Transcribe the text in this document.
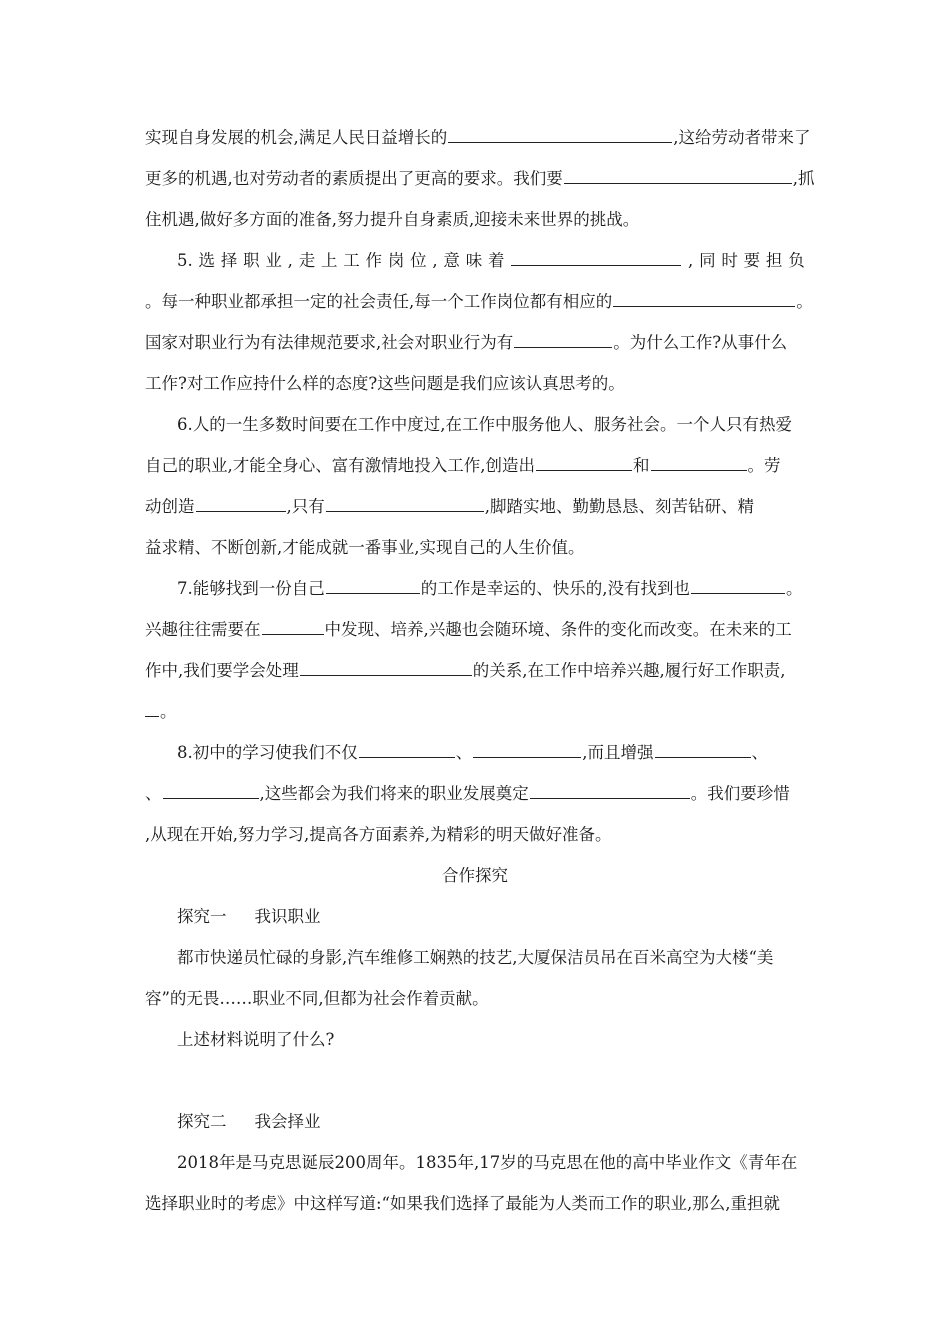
实现自身发展的机会,满足人民日益增长的	,这给劳动者带来了
更多的机遇,也对劳动者的素质提出了更高的要求。我们要	,抓
住机遇,做好多方面的准备,努力提升自身素质,迎接未来世界的挑战。
5. 选 择 职 业 , 走 上 工 作 岗 位 , 意 味 着	, 同 时 要 担 负
。每一种职业都承担一定的社会责任,每一个工作岗位都有相应的	。
国家对职业行为有法律规范要求,社会对职业行为有	。为什么工作?从事什么
工作?对工作应持什么样的态度?这些问题是我们应该认真思考的。
6.人的一生多数时间要在工作中度过,在工作中服务他人、服务社会。一个人只有热爱
自己的职业,才能全身心、富有激情地投入工作,创造出	和	。劳
动创造	,只有	,脚踏实地、勤勤恳恳、刻苦钻研、精
益求精、不断创新,才能成就一番事业,实现自己的人生价值。
7.能够找到一份自己	的工作是幸运的、快乐的,没有找到也	。
兴趣往往需要在	中发现、培养,兴趣也会随环境、条件的变化而改变。在未来的工
作中,我们要学会处理	的关系,在工作中培养兴趣,履行好工作职责,
。
8.初中的学习使我们不仅	、	,而且增强	、
、	,这些都会为我们将来的职业发展奠定	。我们要珍惜
,从现在开始,努力学习,提高各方面素养,为精彩的明天做好准备。
合作探究
探究一 我识职业
都市快递员忙碌的身影,汽车维修工娴熟的技艺,大厦保洁员吊在百米高空为大楼“美
容”的无畏……职业不同,但都为社会作着贡献。
上述材料说明了什么?
探究二 我会择业
2018年是马克思诞辰200周年。1835年,17岁的马克思在他的高中毕业作文《青年在
选择职业时的考虑》中这样写道:“如果我们选择了最能为人类而工作的职业,那么,重担就
